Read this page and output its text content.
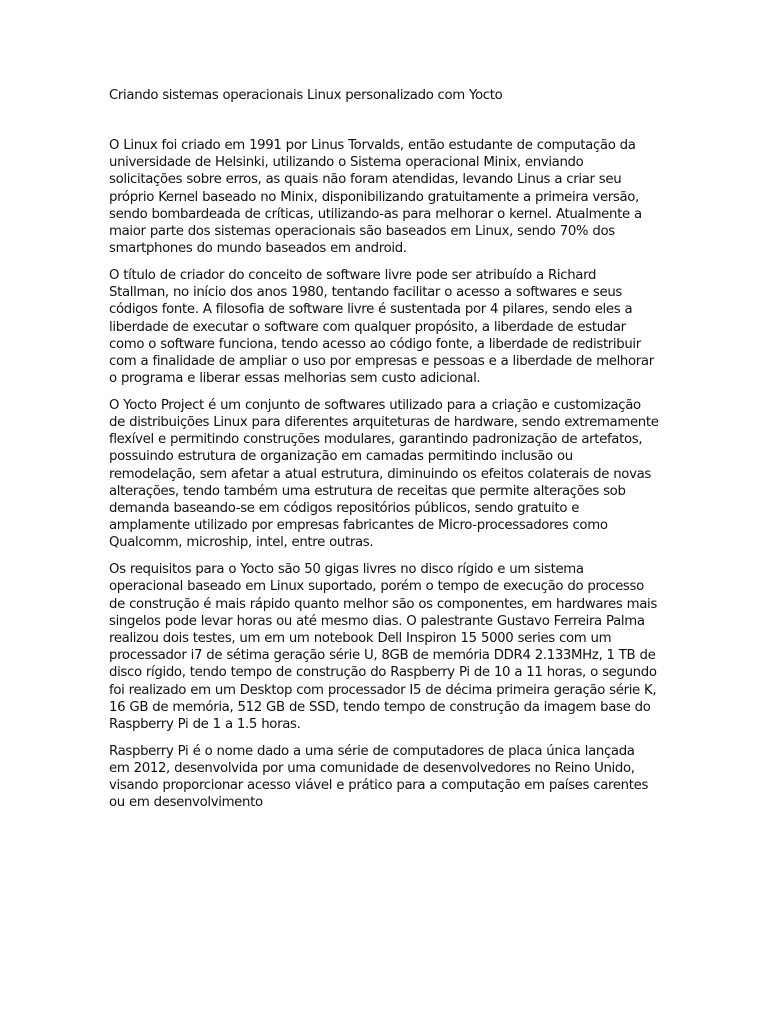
Criando sistemas operacionais Linux personalizado com Yocto

O Linux foi criado em 1991 por Linus Torvalds, então estudante de computação da universidade de Helsinki, utilizando o Sistema operacional Minix, enviando solicitações sobre erros, as quais não foram atendidas, levando Linus a criar seu próprio Kernel baseado no Minix, disponibilizando gratuitamente a primeira versão, sendo bombardeada de críticas, utilizando-as para melhorar o kernel. Atualmente a maior parte dos sistemas operacionais são baseados em Linux, sendo 70% dos smartphones do mundo baseados em android.

O título de criador do conceito de software livre pode ser atribuído a Richard Stallman, no início dos anos 1980, tentando facilitar o acesso a softwares e seus códigos fonte. A filosofia de software livre é sustentada por 4 pilares, sendo eles a liberdade de executar o software com qualquer propósito, a liberdade de estudar como o software funciona, tendo acesso ao código fonte, a liberdade de redistribuir com a finalidade de ampliar o uso por empresas e pessoas e a liberdade de melhorar o programa e liberar essas melhorias sem custo adicional.

O Yocto Project é um conjunto de softwares utilizado para a criação e customização de distribuições Linux para diferentes arquiteturas de hardware, sendo extremamente flexível e permitindo construções modulares, garantindo padronização de artefatos, possuindo estrutura de organização em camadas permitindo inclusão ou remodelação, sem afetar a atual estrutura, diminuindo os efeitos colaterais de novas alterações, tendo também uma estrutura de receitas que permite alterações sob demanda baseando-se em códigos repositórios públicos, sendo gratuito e amplamente utilizado por empresas fabricantes de Micro-processadores como Qualcomm, microship, intel, entre outras.

Os requisitos para o Yocto são 50 gigas livres no disco rígido e um sistema operacional baseado em Linux suportado, porém o tempo de execução do processo de construção é mais rápido quanto melhor são os componentes, em hardwares mais singelos pode levar horas ou até mesmo dias. O palestrante Gustavo Ferreira Palma realizou dois testes, um em um notebook Dell Inspiron 15 5000 series com um processador i7 de sétima geração série U, 8GB de memória DDR4 2.133MHz, 1 TB de disco rígido, tendo tempo de construção do Raspberry Pi de 10 a 11 horas, o segundo foi realizado em um Desktop com processador I5 de décima primeira geração série K, 16 GB de memória, 512 GB de SSD, tendo tempo de construção da imagem base do Raspberry Pi de 1 a 1.5 horas.

Raspberry Pi é o nome dado a uma série de computadores de placa única lançada em 2012, desenvolvida por uma comunidade de desenvolvedores no Reino Unido, visando proporcionar acesso viável e prático para a computação em países carentes ou em desenvolvimento
